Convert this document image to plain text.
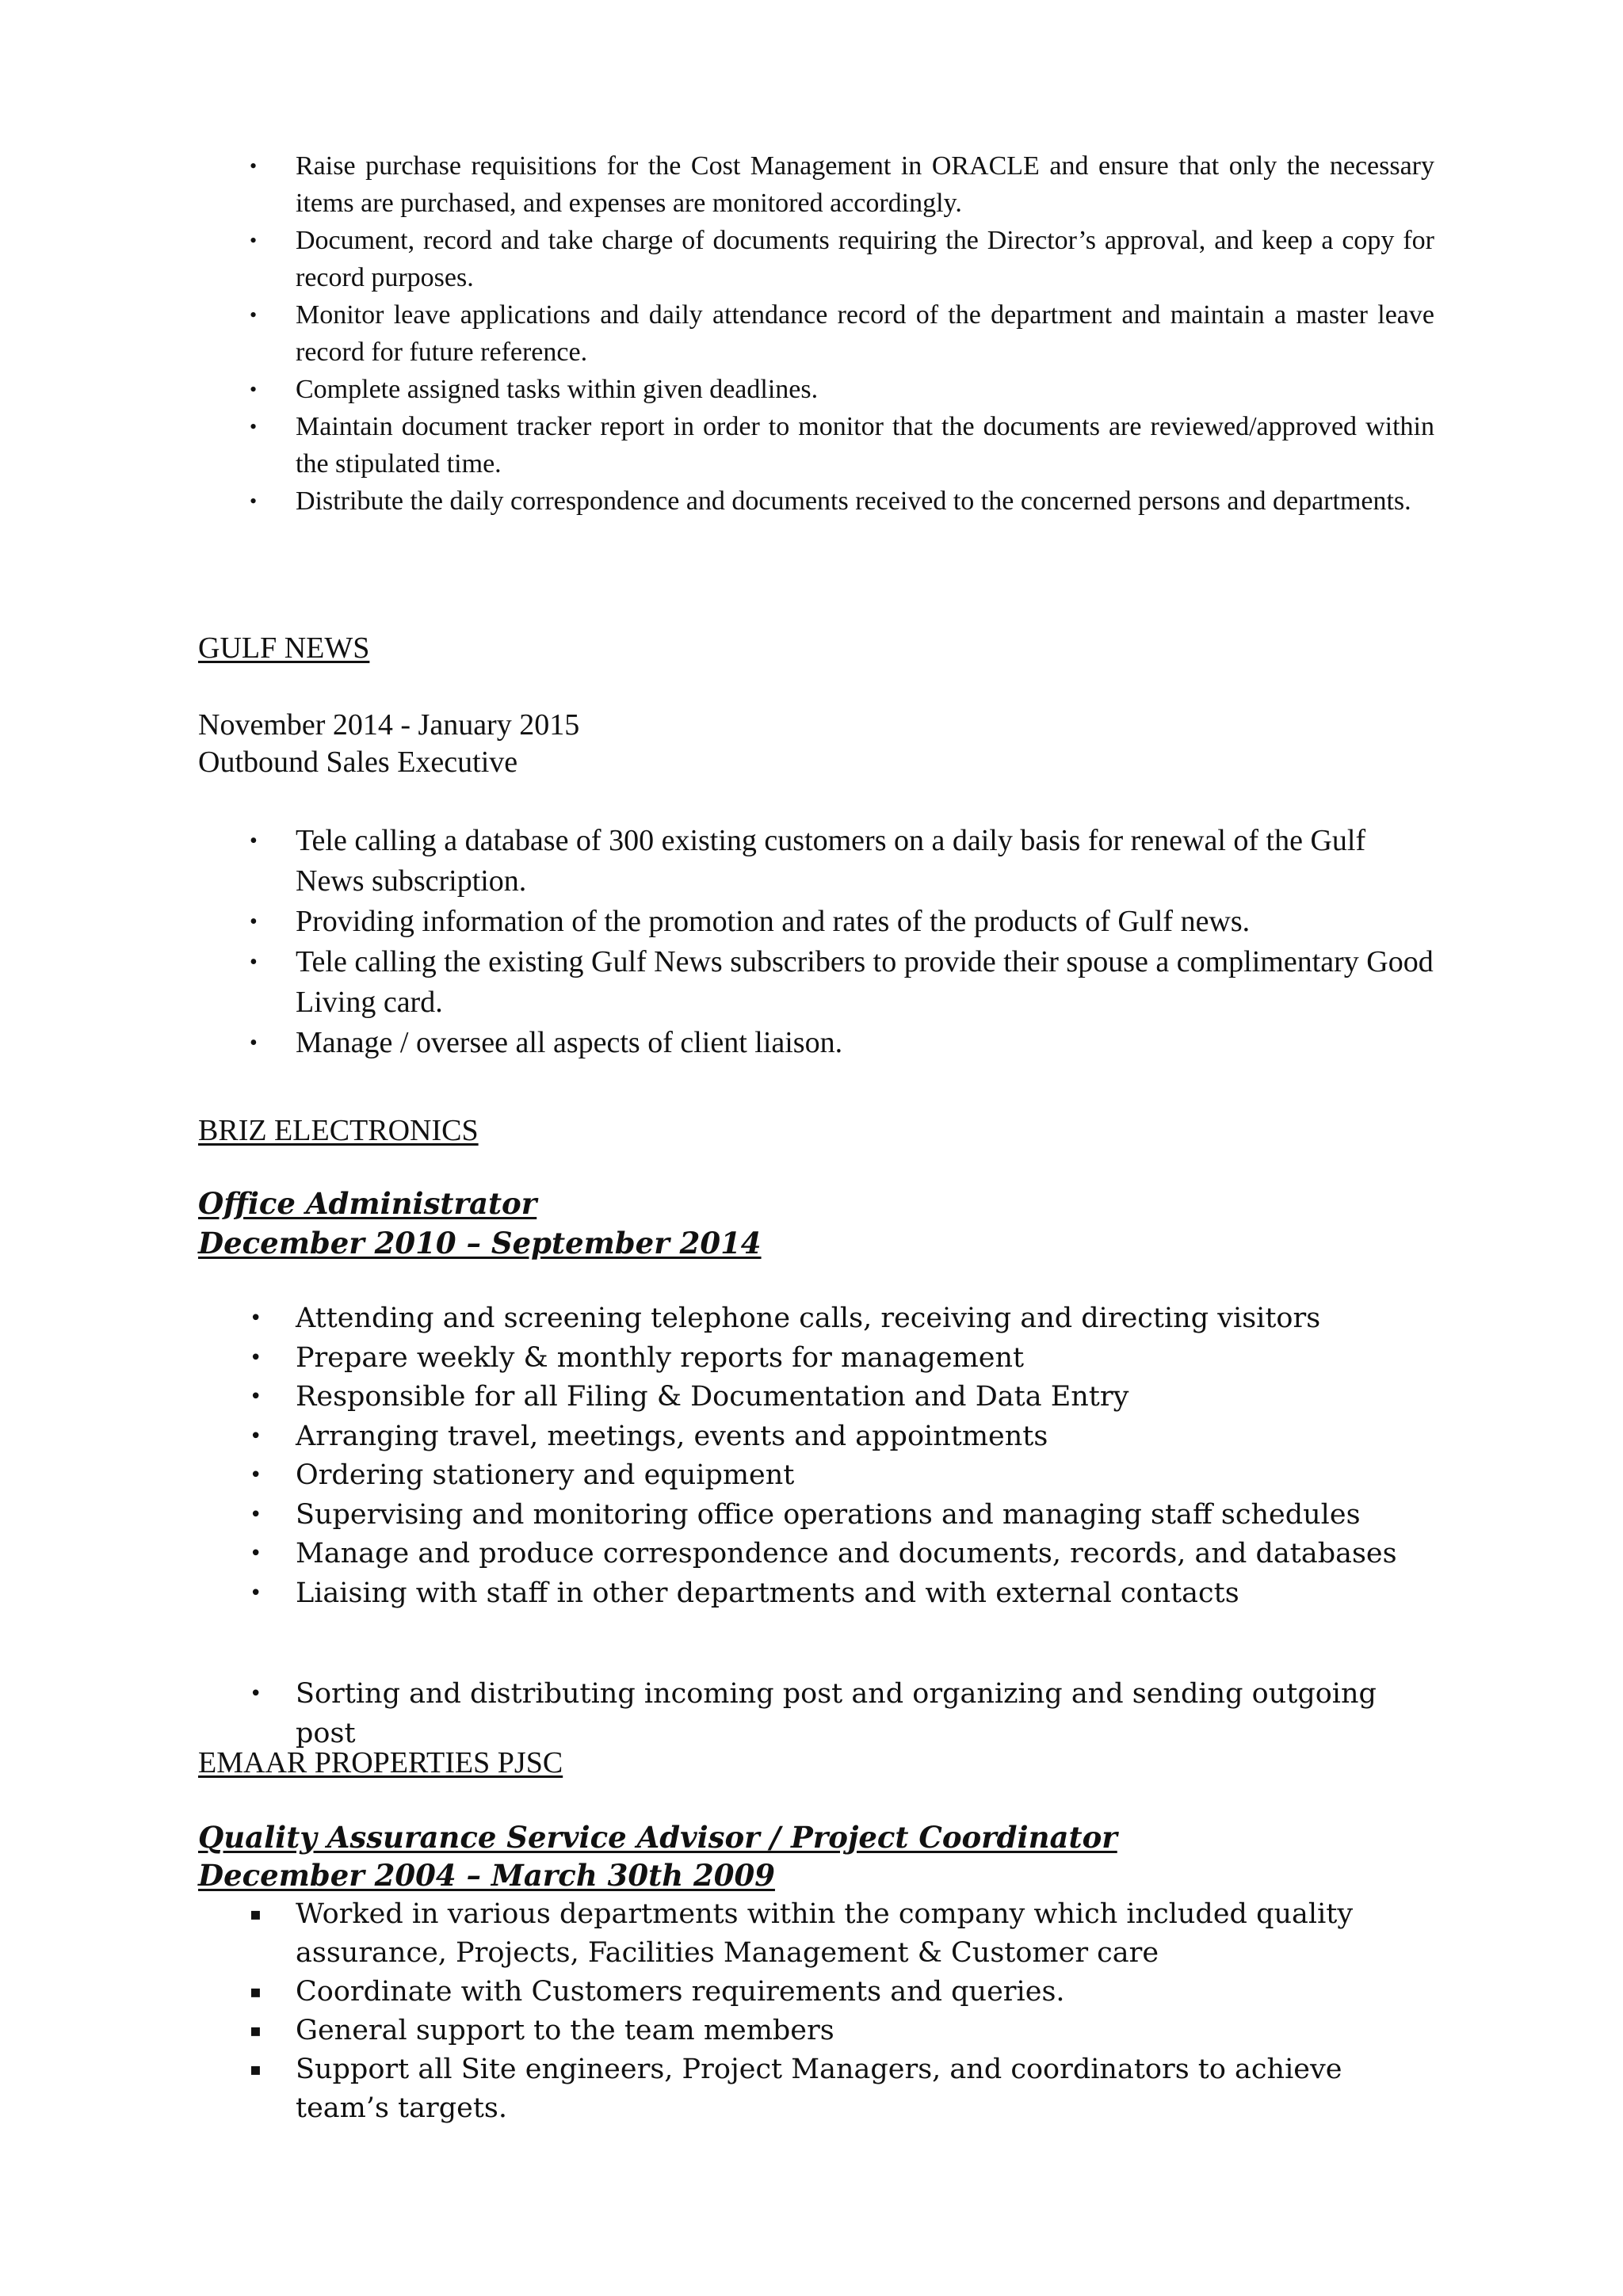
• Raise purchase requisitions for the Cost Management in ORACLE and ensure that only the necessary items are purchased, and expenses are monitored accordingly.
• Document, record and take charge of documents requiring the Director’s approval, and keep a copy for record purposes.
• Monitor leave applications and daily attendance record of the department and maintain a master leave record for future reference.
• Complete assigned tasks within given deadlines.
• Maintain document tracker report in order to monitor that the documents are reviewed/approved within the stipulated time.
• Distribute the daily correspondence and documents received to the concerned persons and departments.
GULF NEWS
November 2014 - January 2015
Outbound Sales Executive
• Tele calling a database of 300 existing customers on a daily basis for renewal of the Gulf News subscription.
• Providing information of the promotion and rates of the products of Gulf news.
• Tele calling the existing Gulf News subscribers to provide their spouse a complimentary Good Living card.
• Manage / oversee all aspects of client liaison.
BRIZ ELECTRONICS
Office Administrator
December 2010 – September 2014
• Attending and screening telephone calls, receiving and directing visitors
• Prepare weekly & monthly reports for management
• Responsible for all Filing & Documentation and Data Entry
• Arranging travel, meetings, events and appointments
• Ordering stationery and equipment
• Supervising and monitoring office operations and managing staff schedules
• Manage and produce correspondence and documents, records, and databases
• Liaising with staff in other departments and with external contacts
• Sorting and distributing incoming post and organizing and sending outgoing post
EMAAR PROPERTIES PJSC
Quality Assurance Service Advisor / Project Coordinator
December 2004 – March 30th 2009
▪ Worked in various departments within the company which included quality assurance, Projects, Facilities Management & Customer care
▪ Coordinate with Customers requirements and queries.
▪ General support to the team members
▪ Support all Site engineers, Project Managers, and coordinators to achieve team’s targets.
